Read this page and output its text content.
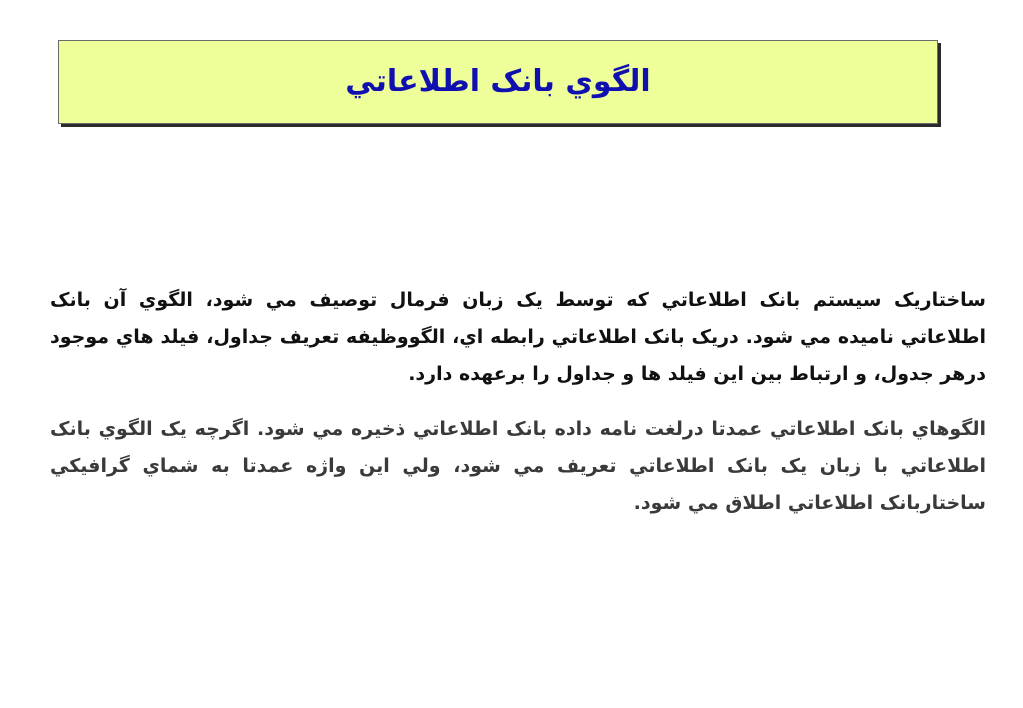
الگوي بانک اطلاعاتي

ساختاريک سيستم بانک اطلاعاتي که توسط يک زبان فرمال توصيف مي شود، الگوي آن بانک اطلاعاتي ناميده مي شود. دريک بانک اطلاعاتي رابطه اي، الگووظيفه تعريف جداول، فيلد هاي موجود درهر جدول، و ارتباط بين اين فيلد ها و جداول را برعهده دارد.

الگوهاي بانک اطلاعاتي عمدتا درلغت نامه داده بانک اطلاعاتي ذخيره مي شود. اگرچه يک الگوي بانک اطلاعاتي با زبان يک بانک اطلاعاتي تعريف مي شود، ولي اين واژه عمدتا به شماي گرافيکي ساختاربانک اطلاعاتي اطلاق مي شود.
